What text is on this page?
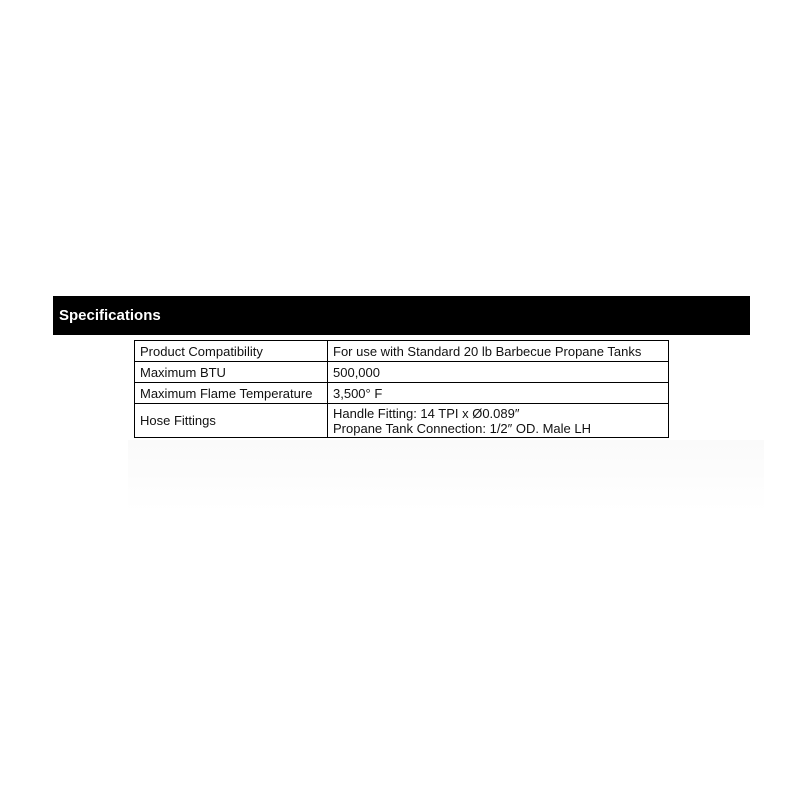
Specifications
Product Compatibility	For use with Standard 20 lb Barbecue Propane Tanks
Maximum BTU	500,000
Maximum Flame Temperature	3,500° F
Hose Fittings	Handle Fitting: 14 TPI x Ø0.089″
Propane Tank Connection: 1/2″ OD. Male LH
